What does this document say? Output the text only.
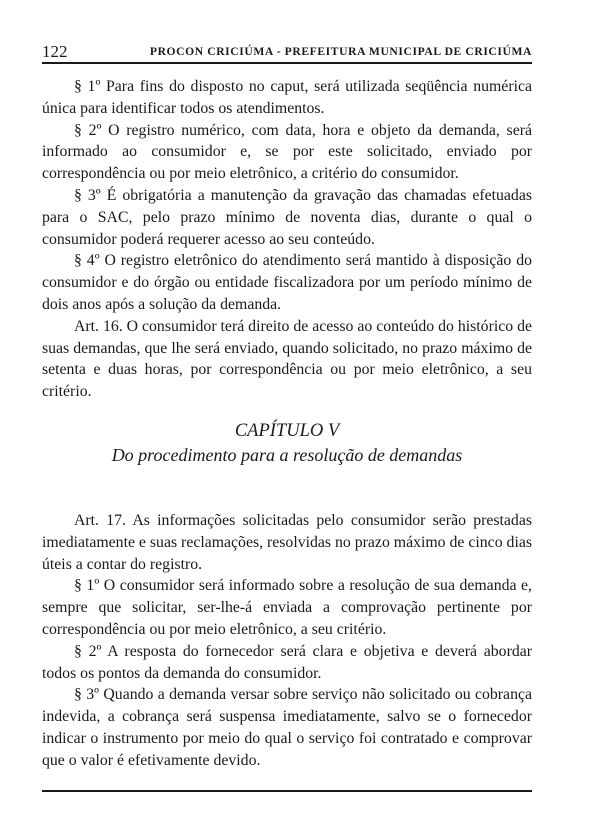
122	PROCON CRICIÚMA - PREFEITURA MUNICIPAL DE CRICIÚMA

§ 1º Para fins do disposto no caput, será utilizada seqüência numérica única para identificar todos os atendimentos.

§ 2º O registro numérico, com data, hora e objeto da demanda, será informado ao consumidor e, se por este solicitado, enviado por correspondência ou por meio eletrônico, a critério do consumidor.

§ 3º É obrigatória a manutenção da gravação das chamadas efetuadas para o SAC, pelo prazo mínimo de noventa dias, durante o qual o consumidor poderá requerer acesso ao seu conteúdo.

§ 4º O registro eletrônico do atendimento será mantido à disposição do consumidor e do órgão ou entidade fiscalizadora por um período mínimo de dois anos após a solução da demanda.

Art. 16. O consumidor terá direito de acesso ao conteúdo do histórico de suas demandas, que lhe será enviado, quando solicitado, no prazo máximo de setenta e duas horas, por correspondência ou por meio eletrônico, a seu critério.

CAPÍTULO V
Do procedimento para a resolução de demandas

Art. 17. As informações solicitadas pelo consumidor serão prestadas imediatamente e suas reclamações, resolvidas no prazo máximo de cinco dias úteis a contar do registro.

§ 1º O consumidor será informado sobre a resolução de sua demanda e, sempre que solicitar, ser-lhe-á enviada a comprovação pertinente por correspondência ou por meio eletrônico, a seu critério.

§ 2º A resposta do fornecedor será clara e objetiva e deverá abordar todos os pontos da demanda do consumidor.

§ 3º Quando a demanda versar sobre serviço não solicitado ou cobrança indevida, a cobrança será suspensa imediatamente, salvo se o fornecedor indicar o instrumento por meio do qual o serviço foi contratado e comprovar que o valor é efetivamente devido.
